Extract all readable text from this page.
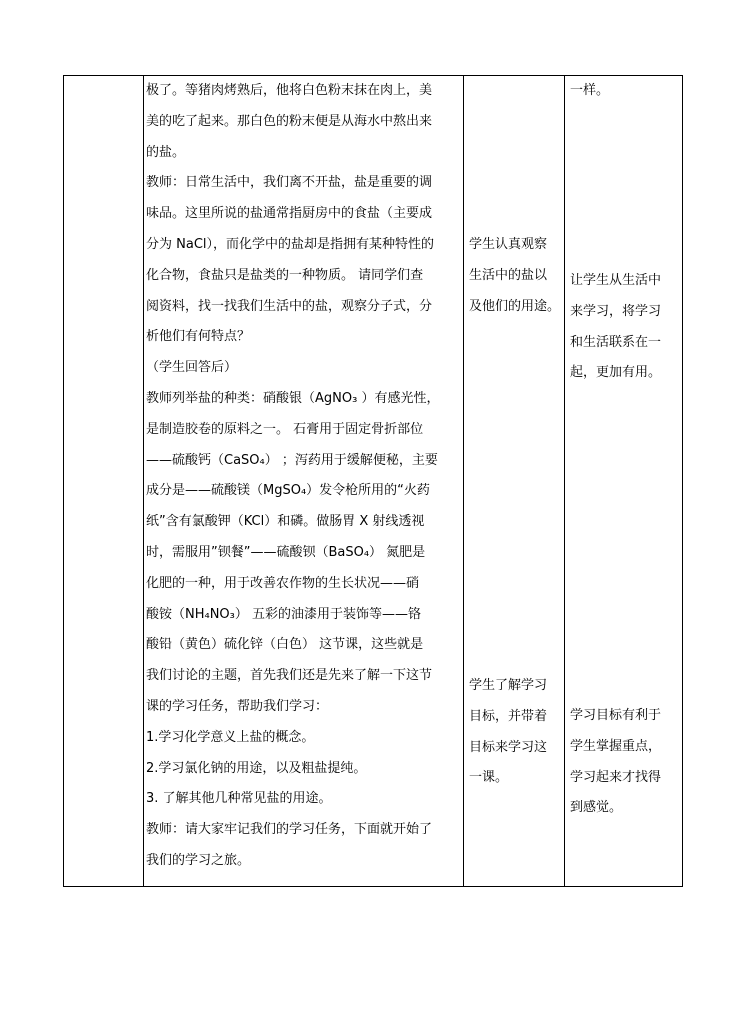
极了。等猪肉烤熟后，他将白色粉末抹在肉上，美
美的吃了起来。那白色的粉末便是从海水中熬出来
的盐。
教师：日常生活中，我们离不开盐，盐是重要的调
味品。这里所说的盐通常指厨房中的食盐（主要成
分为 NaCl），而化学中的盐却是指拥有某种特性的
化合物，食盐只是盐类的一种物质。 请同学们查
阅资料，找一找我们生活中的盐，观察分子式，分
析他们有何特点？
（学生回答后）
教师列举盐的种类：硝酸银（AgNO₃ ）有感光性，
是制造胶卷的原料之一。 石膏用于固定骨折部位
——硫酸钙（CaSO₄） ；泻药用于缓解便秘，主要
成分是——硫酸镁（MgSO₄）发令枪所用的“火药
纸”含有氯酸钾（KCl）和磷。做肠胃 X 射线透视
时，需服用”钡餐”——硫酸钡（BaSO₄） 氮肥是
化肥的一种，用于改善农作物的生长状况——硝
酸铵（NH₄NO₃） 五彩的油漆用于装饰等——铬
酸铅（黄色）硫化锌（白色） 这节课，这些就是
我们讨论的主题，首先我们还是先来了解一下这节
课的学习任务，帮助我们学习：
1.学习化学意义上盐的概念。
2.学习氯化钠的用途，以及粗盐提纯。
3. 了解其他几种常见盐的用途。
教师：请大家牢记我们的学习任务，下面就开始了
我们的学习之旅。
学生认真观察
生活中的盐以
及他们的用途。
学生了解学习
目标，并带着
目标来学习这
一课。
一样。
让学生从生活中
来学习，将学习
和生活联系在一
起，更加有用。
学习目标有利于
学生掌握重点，
学习起来才找得
到感觉。
